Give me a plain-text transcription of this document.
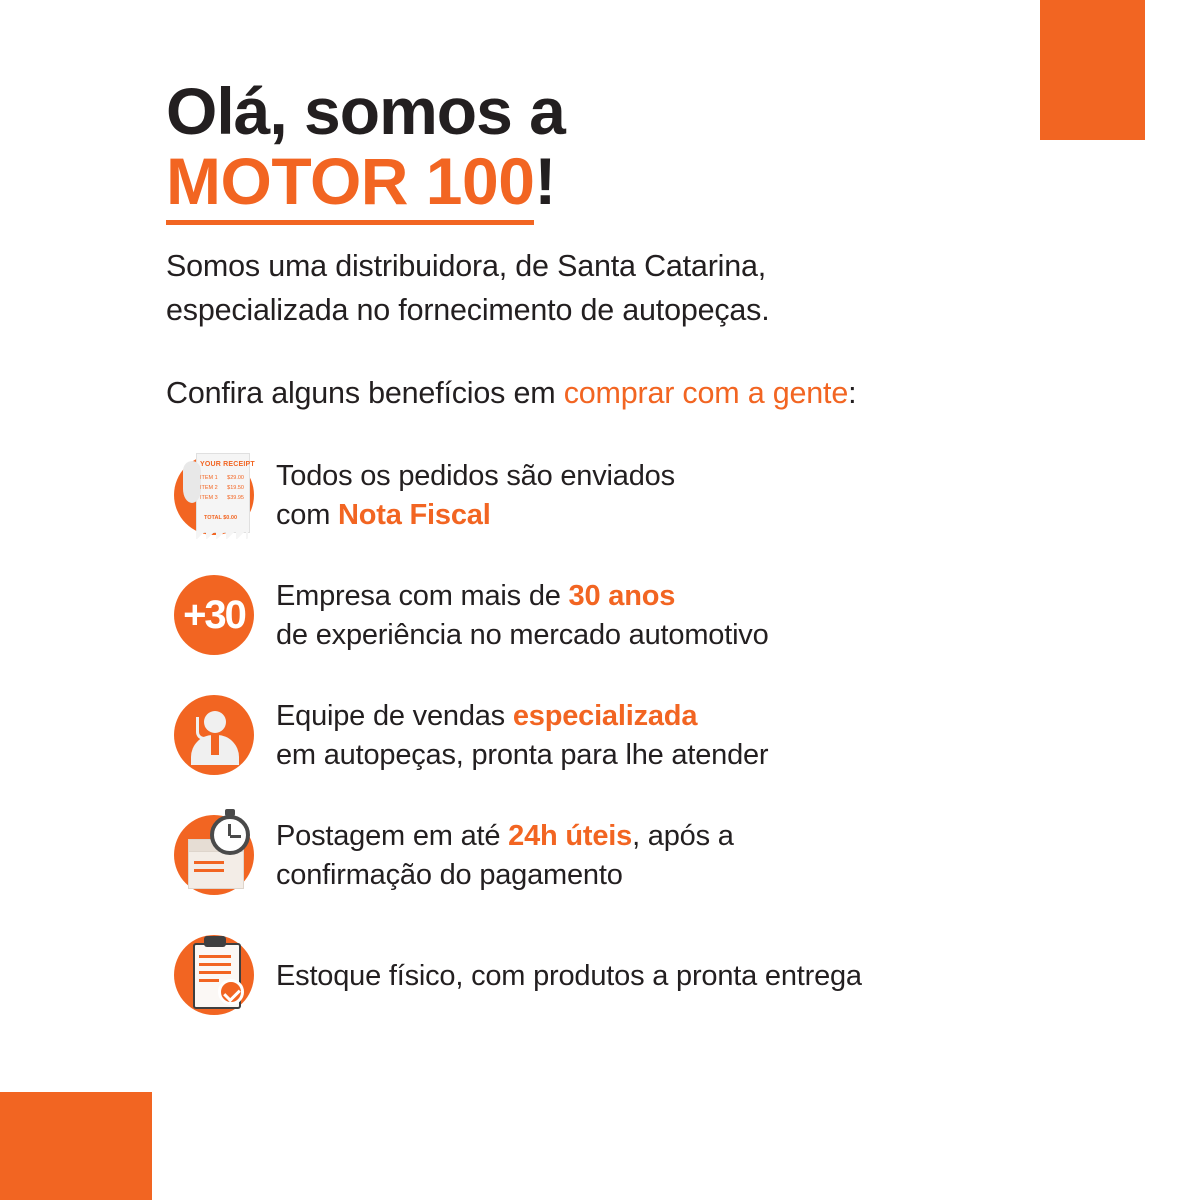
Olá, somos a
MOTOR 100!

Somos uma distribuidora, de Santa Catarina,
especializada no fornecimento de autopeças.

Confira alguns benefícios em comprar com a gente:

YOUR RECEIPT
ITEM 1 $29.00
ITEM 2 $19.50
ITEM 3 $39.95
TOTAL $0.00
Todos os pedidos são enviados
com Nota Fiscal
+30	Empresa com mais de 30 anos
de experiência no mercado automotivo
Equipe de vendas especializada
em autopeças, pronta para lhe atender
Postagem em até 24h úteis, após a
confirmação do pagamento
Estoque físico, com produtos a pronta entrega
